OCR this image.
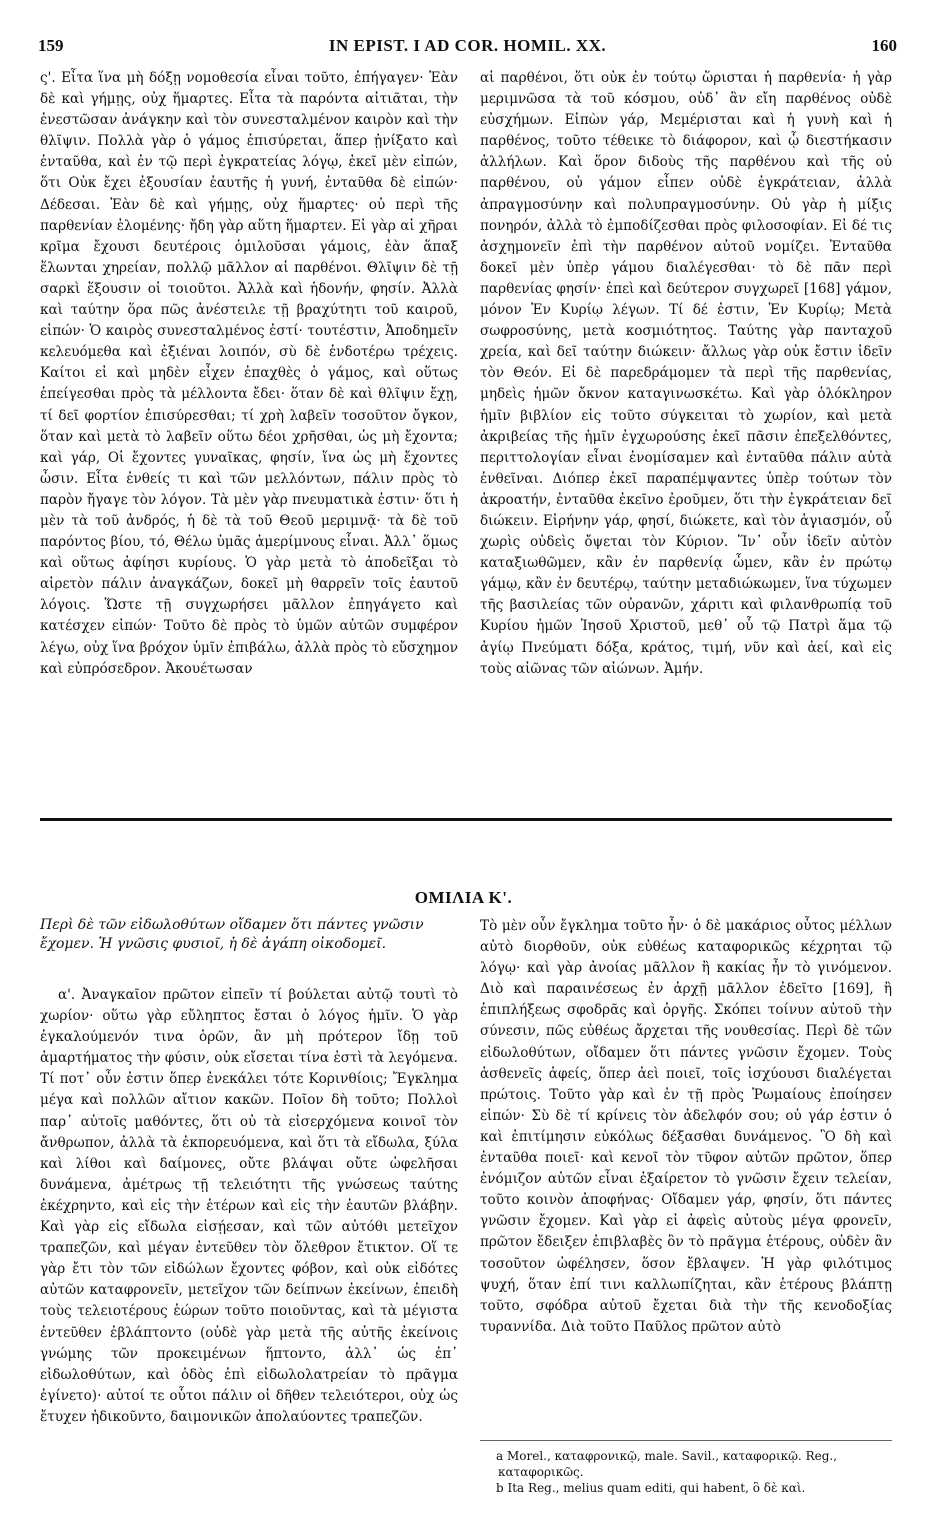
159	IN EPIST. I AD COR. HOMIL. XX.	160

ς'. Εἶτα ἵνα μὴ δόξῃ νομοθεσία εἶναι τοῦτο, ἐπήγαγεν· Ἐὰν δὲ καὶ γήμῃς, οὐχ ἥμαρτες. Εἶτα τὰ παρόντα αἰτιᾶται, τὴν ἐνεστῶσαν ἀνάγκην καὶ τὸν συνεσταλμένον καιρὸν καὶ τὴν θλῖψιν. Πολλὰ γὰρ ὁ γάμος ἐπισύρεται, ἅπερ ᾐνίξατο καὶ ἐνταῦθα, καὶ ἐν τῷ περὶ ἐγκρατείας λόγῳ, ἐκεῖ μὲν εἰπών, ὅτι Οὐκ ἔχει ἐξουσίαν ἑαυτῆς ἡ γυνή, ἐνταῦθα δὲ εἰπών· Δέδεσαι. Ἐὰν δὲ καὶ γήμῃς, οὐχ ἥμαρτες· οὐ περὶ τῆς παρθενίαν ἑλομένης· ἤδη γὰρ αὕτη ἥμαρτεν. Εἰ γὰρ αἱ χῆραι κρῖμα ἔχουσι δευτέροις ὁμιλοῦσαι γάμοις, ἐὰν ἅπαξ ἕλωνται χηρείαν, πολλῷ μᾶλλον αἱ παρθένοι. Θλῖψιν δὲ τῇ σαρκὶ ἕξουσιν οἱ τοιοῦτοι. Ἀλλὰ καὶ ἡδονήν, φησίν. Ἀλλὰ καὶ ταύτην ὅρα πῶς ἀνέστειλε τῇ βραχύτητι τοῦ καιροῦ, εἰπών· Ὁ καιρὸς συνεσταλμένος ἐστί· τουτέστιν, Ἀποδημεῖν κελευόμεθα καὶ ἐξιέναι λοιπόν, σὺ δὲ ἐνδοτέρω τρέχεις. Καίτοι εἰ καὶ μηδὲν εἶχεν ἐπαχθὲς ὁ γάμος, καὶ οὕτως ἐπείγεσθαι πρὸς τὰ μέλλοντα ἔδει· ὅταν δὲ καὶ θλῖψιν ἔχῃ, τί δεῖ φορτίον ἐπισύρεσθαι; τί χρὴ λαβεῖν τοσοῦτον ὄγκον, ὅταν καὶ μετὰ τὸ λαβεῖν οὕτω δέοι χρῆσθαι, ὡς μὴ ἔχοντα; καὶ γάρ, Οἱ ἔχοντες γυναῖκας, φησίν, ἵνα ὡς μὴ ἔχοντες ὦσιν. Εἶτα ἐνθείς τι καὶ τῶν μελλόντων, πάλιν πρὸς τὸ παρὸν ἤγαγε τὸν λόγον. Τὰ μὲν γὰρ πνευματικὰ ἐστιν· ὅτι ἡ μὲν τὰ τοῦ ἀνδρός, ἡ δὲ τὰ τοῦ Θεοῦ μεριμνᾷ· τὰ δὲ τοῦ παρόντος βίου, τό, Θέλω ὑμᾶς ἀμερίμνους εἶναι. Ἀλλ᾽ ὅμως καὶ οὕτως ἀφίησι κυρίους. Ὁ γὰρ μετὰ τὸ ἀποδεῖξαι τὸ αἱρετὸν πάλιν ἀναγκάζων, δοκεῖ μὴ θαρρεῖν τοῖς ἑαυτοῦ λόγοις. Ὥστε τῇ συγχωρήσει μᾶλλον ἐπηγάγετο καὶ κατέσχεν εἰπών· Τοῦτο δὲ πρὸς τὸ ὑμῶν αὐτῶν συμφέρον λέγω, οὐχ ἵνα βρόχον ὑμῖν ἐπιβάλω, ἀλλὰ πρὸς τὸ εὔσχημον καὶ εὐπρόσεδρον. Ἀκουέτωσαν

αἱ παρθένοι, ὅτι οὐκ ἐν τούτῳ ὥρισται ἡ παρθενία· ἡ γὰρ μεριμνῶσα τὰ τοῦ κόσμου, οὐδ᾽ ἂν εἴη παρθένος οὐδὲ εὐσχήμων. Εἰπὼν γάρ, Μεμέρισται καὶ ἡ γυνὴ καὶ ἡ παρθένος, τοῦτο τέθεικε τὸ διάφορον, καὶ ᾧ διεστήκασιν ἀλλήλων. Καὶ ὅρον διδοὺς τῆς παρθένου καὶ τῆς οὐ παρθένου, οὐ γάμον εἶπεν οὐδὲ ἐγκράτειαν, ἀλλὰ ἀπραγμοσύνην καὶ πολυπραγμοσύνην. Οὐ γὰρ ἡ μίξις πονηρόν, ἀλλὰ τὸ ἐμποδίζεσθαι πρὸς φιλοσοφίαν. Εἰ δέ τις ἀσχημονεῖν ἐπὶ τὴν παρθένον αὐτοῦ νομίζει. Ἐνταῦθα δοκεῖ μὲν ὑπὲρ γάμου διαλέγεσθαι· τὸ δὲ πᾶν περὶ παρθενίας φησίν· ἐπεὶ καὶ δεύτερον συγχωρεῖ [168] γάμον, μόνον Ἐν Κυρίῳ λέγων. Τί δέ ἐστιν, Ἐν Κυρίῳ; Μετὰ σωφροσύνης, μετὰ κοσμιότητος. Ταύτης γὰρ πανταχοῦ χρεία, καὶ δεῖ ταύτην διώκειν· ἄλλως γὰρ οὐκ ἔστιν ἰδεῖν τὸν Θεόν. Εἰ δὲ παρεδράμομεν τὰ περὶ τῆς παρθενίας, μηδεὶς ἡμῶν ὄκνον καταγινωσκέτω. Καὶ γὰρ ὁλόκληρον ἡμῖν βιβλίον εἰς τοῦτο σύγκειται τὸ χωρίον, καὶ μετὰ ἀκριβείας τῆς ἡμῖν ἐγχωρούσης ἐκεῖ πᾶσιν ἐπεξελθόντες, περιττολογίαν εἶναι ἐνομίσαμεν καὶ ἐνταῦθα πάλιν αὐτὰ ἐνθεῖναι. Διόπερ ἐκεῖ παραπέμψαντες ὑπὲρ τούτων τὸν ἀκροατήν, ἐνταῦθα ἐκεῖνο ἐροῦμεν, ὅτι τὴν ἐγκράτειαν δεῖ διώκειν. Εἰρήνην γάρ, φησί, διώκετε, καὶ τὸν ἁγιασμόν, οὗ χωρὶς οὐδεὶς ὄψεται τὸν Κύριον. Ἵν᾽ οὖν ἰδεῖν αὐτὸν καταξιωθῶμεν, κἂν ἐν παρθενίᾳ ὦμεν, κἂν ἐν πρώτῳ γάμῳ, κἂν ἐν δευτέρῳ, ταύτην μεταδιώκωμεν, ἵνα τύχωμεν τῆς βασιλείας τῶν οὐρανῶν, χάριτι καὶ φιλανθρωπίᾳ τοῦ Κυρίου ἡμῶν Ἰησοῦ Χριστοῦ, μεθ᾽ οὗ τῷ Πατρὶ ἅμα τῷ ἁγίῳ Πνεύματι δόξα, κράτος, τιμή, νῦν καὶ ἀεί, καὶ εἰς τοὺς αἰῶνας τῶν αἰώνων. Ἀμήν.

ΟΜΙΛΙΑ Κ'.
Περὶ δὲ τῶν εἰδωλοθύτων οἴδαμεν ὅτι πάντες γνῶσιν ἔχομεν. Ἡ γνῶσις φυσιοῖ, ἡ δὲ ἀγάπη οἰκοδομεῖ.

α'. Ἀναγκαῖον πρῶτον εἰπεῖν τί βούλεται αὐτῷ τουτὶ τὸ χωρίον· οὕτω γὰρ εὔληπτος ἔσται ὁ λόγος ἡμῖν. Ὁ γὰρ ἐγκαλούμενόν τινα ὁρῶν, ἂν μὴ πρότερον ἴδῃ τοῦ ἁμαρτήματος τὴν φύσιν, οὐκ εἴσεται τίνα ἐστὶ τὰ λεγόμενα. Τί ποτ᾽ οὖν ἐστιν ὅπερ ἐνεκάλει τότε Κορινθίοις; Ἔγκλημα μέγα καὶ πολλῶν αἴτιον κακῶν. Ποῖον δὴ τοῦτο; Πολλοὶ παρ᾽ αὐτοῖς μαθόντες, ὅτι οὐ τὰ εἰσερχόμενα κοινοῖ τὸν ἄνθρωπον, ἀλλὰ τὰ ἐκπορευόμενα, καὶ ὅτι τὰ εἴδωλα, ξύλα καὶ λίθοι καὶ δαίμονες, οὔτε βλάψαι οὔτε ὠφελῆσαι δυνάμενα, ἀμέτρως τῇ τελειότητι τῆς γνώσεως ταύτης ἐκέχρηντο, καὶ εἰς τὴν ἑτέρων καὶ εἰς τὴν ἑαυτῶν βλάβην. Καὶ γὰρ εἰς εἴδωλα εἰσῄεσαν, καὶ τῶν αὐτόθι μετεῖχον τραπεζῶν, καὶ μέγαν ἐντεῦθεν τὸν ὄλεθρον ἔτικτον. Οἵ τε γὰρ ἔτι τὸν τῶν εἰδώλων ἔχοντες φόβον, καὶ οὐκ εἰδότες αὐτῶν καταφρονεῖν, μετεῖχον τῶν δείπνων ἐκείνων, ἐπειδὴ τοὺς τελειοτέρους ἑώρων τοῦτο ποιοῦντας, καὶ τὰ μέγιστα ἐντεῦθεν ἐβλάπτοντο (οὐδὲ γὰρ μετὰ τῆς αὐτῆς ἐκείνοις γνώμης τῶν προκειμένων ἥπτοντο, ἀλλ᾽ ὡς ἐπ᾽ εἰδωλοθύτων, καὶ ὁδὸς ἐπὶ εἰδωλολατρείαν τὸ πρᾶγμα ἐγίνετο)· αὐτοί τε οὗτοι πάλιν οἱ δῆθεν τελειότεροι, οὐχ ὡς ἔτυχεν ἠδικοῦντο, δαιμονικῶν ἀπολαύοντες τραπεζῶν.

Τὸ μὲν οὖν ἔγκλημα τοῦτο ἦν· ὁ δὲ μακάριος οὗτος μέλλων αὐτὸ διορθοῦν, οὐκ εὐθέως καταφορικῶς κέχρηται τῷ λόγῳ· καὶ γὰρ ἀνοίας μᾶλλον ἢ κακίας ἦν τὸ γινόμενον. Διὸ καὶ παραινέσεως ἐν ἀρχῇ μᾶλλον ἐδεῖτο [169], ἢ ἐπιπλήξεως σφοδρᾶς καὶ ὀργῆς. Σκόπει τοίνυν αὐτοῦ τὴν σύνεσιν, πῶς εὐθέως ἄρχεται τῆς νουθεσίας. Περὶ δὲ τῶν εἰδωλοθύτων, οἴδαμεν ὅτι πάντες γνῶσιν ἔχομεν. Τοὺς ἀσθενεῖς ἀφείς, ὅπερ ἀεὶ ποιεῖ, τοῖς ἰσχύουσι διαλέγεται πρώτοις. Τοῦτο γὰρ καὶ ἐν τῇ πρὸς Ῥωμαίους ἐποίησεν εἰπών· Σὺ δὲ τί κρίνεις τὸν ἀδελφόν σου; οὐ γάρ ἐστιν ὁ καὶ ἐπιτίμησιν εὐκόλως δέξασθαι δυνάμενος. Ὃ δὴ καὶ ἐνταῦθα ποιεῖ· καὶ κενοῖ τὸν τῦφον αὐτῶν πρῶτον, ὅπερ ἐνόμιζον αὐτῶν εἶναι ἐξαίρετον τὸ γνῶσιν ἔχειν τελείαν, τοῦτο κοινὸν ἀποφήνας· Οἴδαμεν γάρ, φησίν, ὅτι πάντες γνῶσιν ἔχομεν. Καὶ γὰρ εἰ ἀφεὶς αὐτοὺς μέγα φρονεῖν, πρῶτον ἔδειξεν ἐπιβλαβὲς ὂν τὸ πρᾶγμα ἑτέρους, οὐδὲν ἂν τοσοῦτον ὠφέλησεν, ὅσον ἔβλαψεν. Ἡ γὰρ φιλότιμος ψυχή, ὅταν ἐπί τινι καλλωπίζηται, κἂν ἑτέρους βλάπτῃ τοῦτο, σφόδρα αὐτοῦ ἔχεται διὰ τὴν τῆς κενοδοξίας τυραννίδα. Διὰ τοῦτο Παῦλος πρῶτον αὐτὸ

a Morel., καταφρονικῷ, male. Savil., καταφορικῷ. Reg., καταφορικῶς.

b Ita Reg., melius quam editi, qui habent, ὃ δὲ καὶ.
